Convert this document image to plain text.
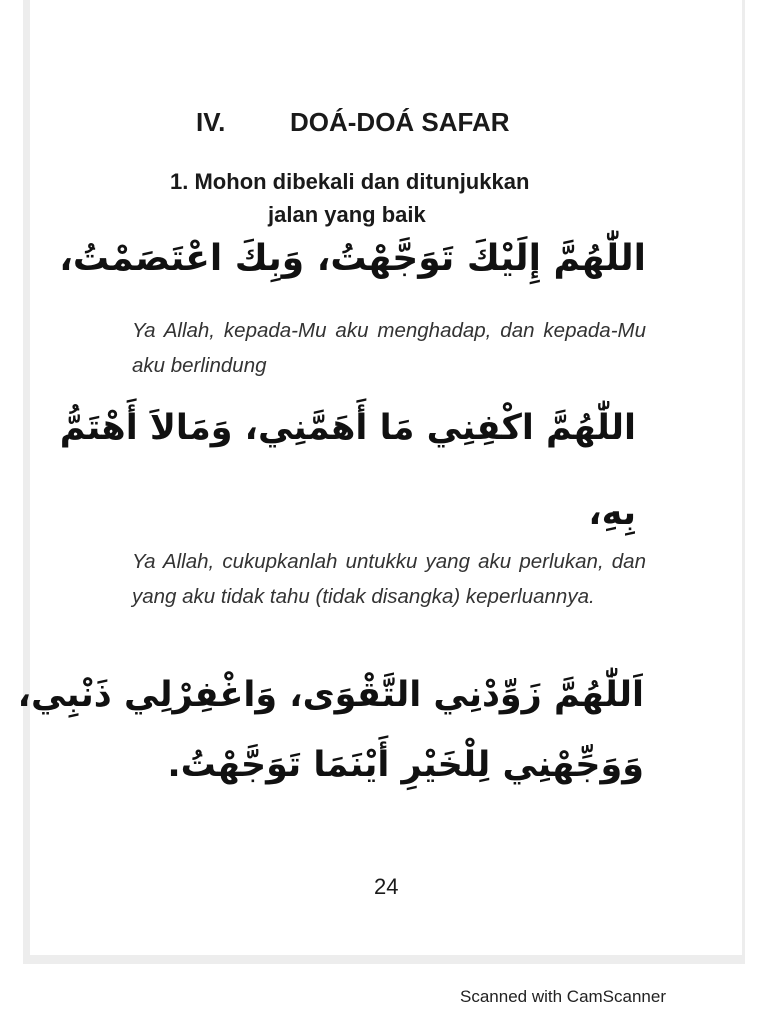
IV. DOÁ-DOÁ SAFAR
1. Mohon dibekali dan ditunjukkan
jalan yang baik
اللّٰهُمَّ إِلَيْكَ تَوَجَّهْتُ، وَبِكَ اعْتَصَمْتُ،
Ya Allah, kepada-Mu aku menghadap, dan kepada-Mu aku berlindung
اللّٰهُمَّ اكْفِنِي مَا أَهَمَّنِي، وَمَالاَ أَهْتَمُّ
بِهِ،
Ya Allah, cukupkanlah untukku yang aku perlukan, dan yang aku tidak tahu (tidak disangka) keperluannya.
اَللّٰهُمَّ زَوِّدْنِي التَّقْوَى، وَاغْفِرْلِي ذَنْبِي،
وَوَجِّهْنِي لِلْخَيْرِ أَيْنَمَا تَوَجَّهْتُ.
24
Scanned with CamScanner
